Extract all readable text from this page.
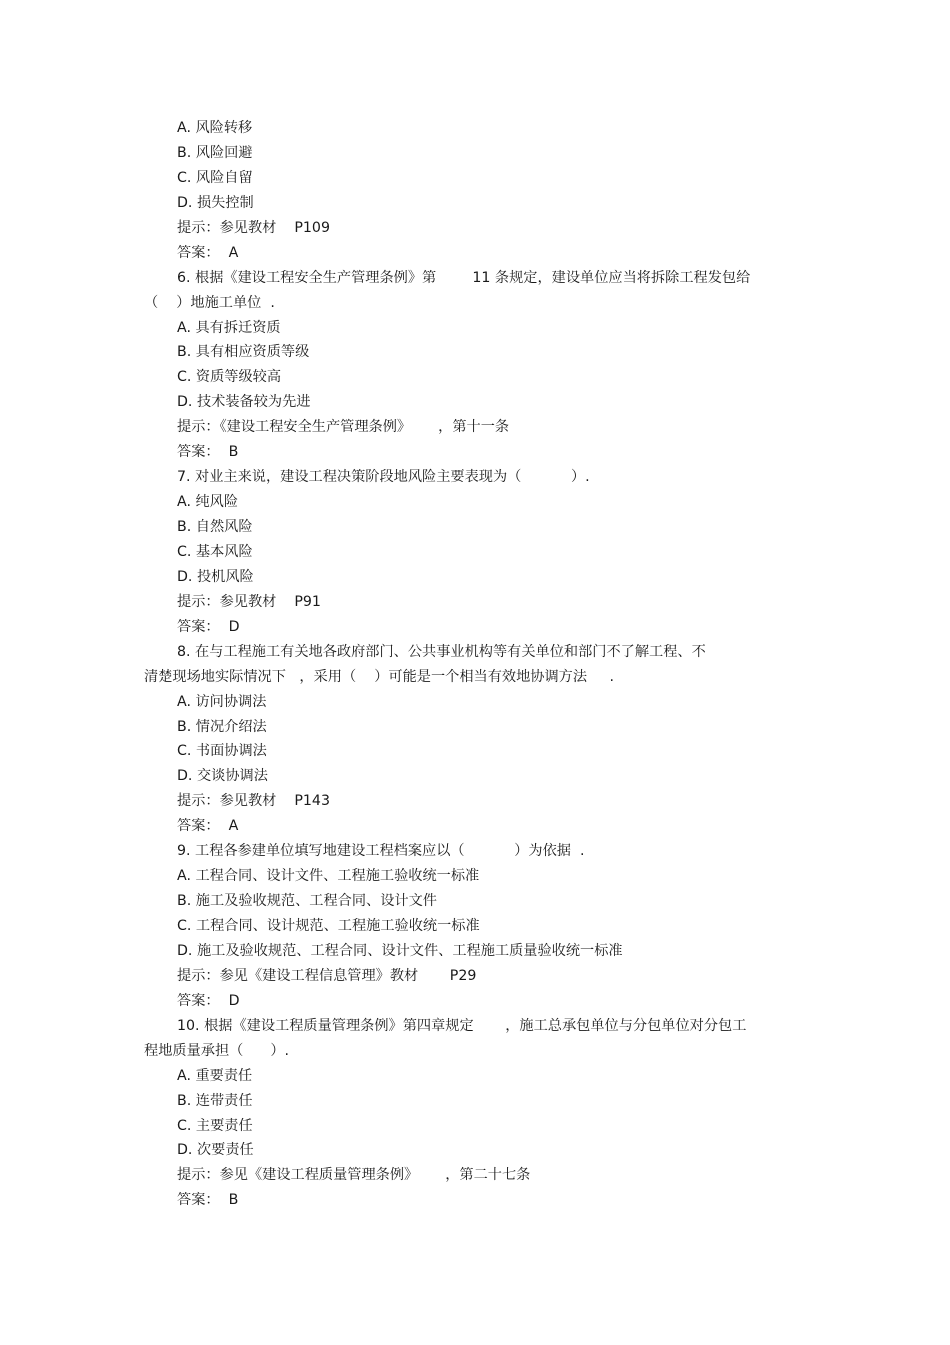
A. 风险转移
B. 风险回避
C. 风险自留
D. 损失控制
提示：参见教材    P109
答案：  A
6. 根据《建设工程安全生产管理条例》第        11 条规定，建设单位应当将拆除工程发包给
（    ）地施工单位  .
A. 具有拆迁资质
B. 具有相应资质等级
C. 资质等级较高
D. 技术装备较为先进
提示：《建设工程安全生产管理条例》      ，第十一条
答案：  B
7. 对业主来说，建设工程决策阶段地风险主要表现为（           ）.
A. 纯风险
B. 自然风险
C. 基本风险
D. 投机风险
提示：参见教材    P91
答案：  D
8. 在与工程施工有关地各政府部门、公共事业机构等有关单位和部门不了解工程、不
清楚现场地实际情况下   ，采用（    ）可能是一个相当有效地协调方法     .
A. 访问协调法
B. 情况介绍法
C. 书面协调法
D. 交谈协调法
提示：参见教材    P143
答案：  A
9. 工程各参建单位填写地建设工程档案应以（           ）为依据  .
A. 工程合同、设计文件、工程施工验收统一标准
B. 施工及验收规范、工程合同、设计文件
C. 工程合同、设计规范、工程施工验收统一标准
D. 施工及验收规范、工程合同、设计文件、工程施工质量验收统一标准
提示：参见《建设工程信息管理》教材       P29
答案：  D
10. 根据《建设工程质量管理条例》第四章规定       ，施工总承包单位与分包单位对分包工
程地质量承担（      ）.
A. 重要责任
B. 连带责任
C. 主要责任
D. 次要责任
提示：参见《建设工程质量管理条例》      ，第二十七条
答案：  B
